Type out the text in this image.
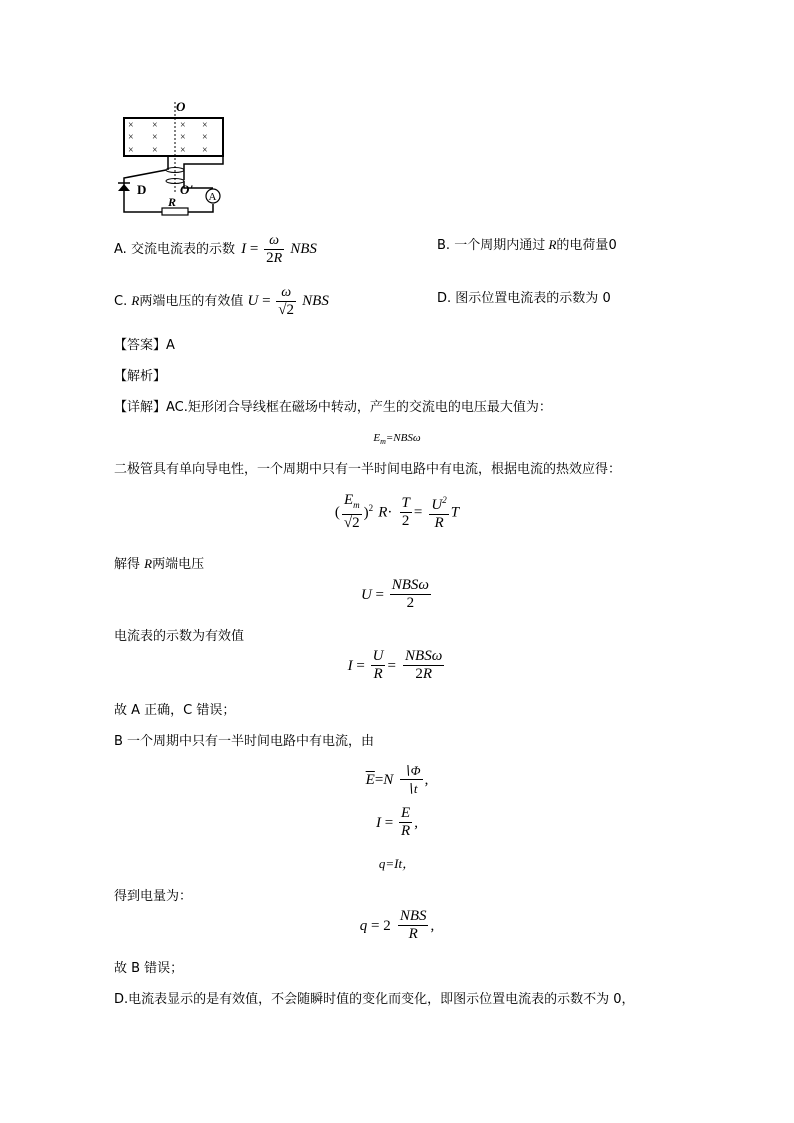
O
× × × ×
× × × ×
× × × ×
D	O' A
R
A. 交流电流表的示数 $I = \frac{\omega}{2R}$ NBS	B. 一个周期内通过 R的电荷量0
C. R两端电压的有效值 $U = \frac{\omega}{√2}$ NBS	D. 图示位置电流表的示数为 0
【答案】A
【解析】
【详解】AC.矩形闭合导线框在磁场中转动，产生的交流电的电压最大值为：
$E_m=NBS\omega$
二极管具有单向导电性，一个周期中只有一半时间电路中有电流，根据电流的热效应得：
( $\frac{E_m}{√2} )^2$ $R\cdot \frac{T}{2} = \frac{U^2}{R}$ T
解得 R两端电压
$U = \frac{\text{NBSω}}{2}$
电流表的示数为有效值
$I = \frac{U}{R} = \frac{\text{NBSω}}{2R}$
故 A 正确，C 错误；
B 一个周期中只有一半时间电路中有电流，由
$\overline{E}=N \frac{∖\Phi}{∖t}$ ,
$I = \frac{E}{R}$ ,
q=It，
得到电量为：
$q = 2 \frac{\text{NBS}}{R}$ ,
故 B 错误；
D.电流表显示的是有效值，不会随瞬时值的变化而变化，即图示位置电流表的示数不为 0，
